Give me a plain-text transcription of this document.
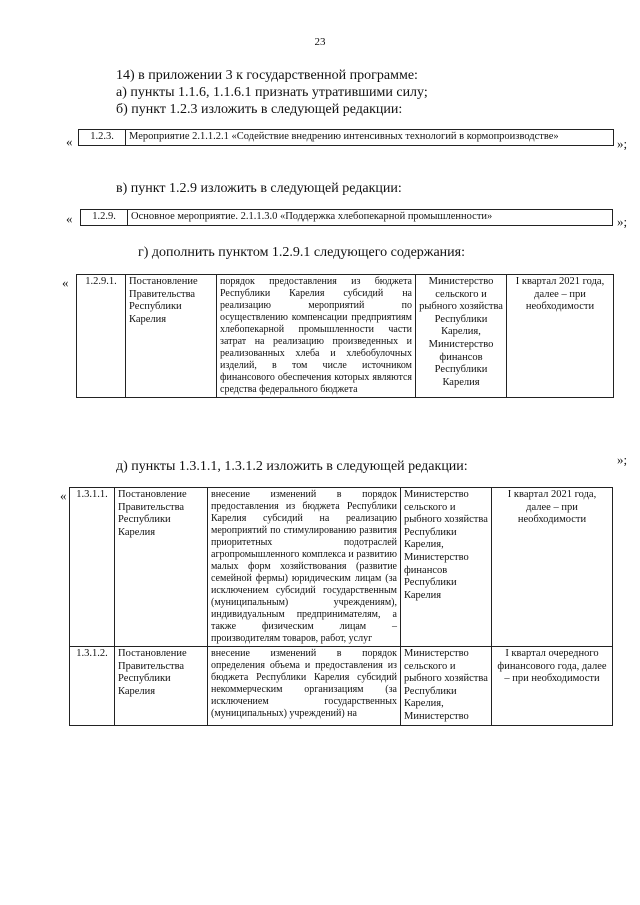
23
14) в приложении 3 к государственной программе:
а) пункты 1.1.6, 1.1.6.1 признать утратившими силу;
б) пункт 1.2.3 изложить в следующей редакции:
« 1.2.3.	Мероприятие 2.1.1.2.1 «Содействие внедрению интенсивных технологий в кормопроизводстве»	»;
в) пункт 1.2.9 изложить в следующей редакции:
« 1.2.9.	Основное мероприятие. 2.1.1.3.0 «Поддержка хлебопекарной промышленности»	»;
г) дополнить пунктом 1.2.9.1 следующего содержания:
« 1.2.9.1.	Постановление Правительства Республики Карелия	порядок предоставления из бюджета Республики Карелия субсидий на реализацию мероприятий по осуществлению компенсации предприятиям хлебопекарной промышленности части затрат на реализацию произведенных и реализованных хлеба и хлебобулочных изделий, в том числе источником финансового обеспечения которых являются средства федерального бюджета	Министерство сельского и рыбного хозяйства Республики Карелия, Министерство финансов Республики Карелия	I квартал 2021 года, далее – при необходимости
»;
д) пункты 1.3.1.1, 1.3.1.2 изложить в следующей редакции:
« 1.3.1.1.	Постановление Правительства Республики Карелия	внесение изменений в порядок предоставления из бюджета Республики Карелия субсидий на реализацию мероприятий по стимулированию развития приоритетных подотраслей агропромышленного комплекса и развитию малых форм хозяйствования (развитие семейной фермы) юридическим лицам (за исключением субсидий государственным (муниципальным) учреждениям), индивидуальным предпринимателям, а также физическим лицам – производителям товаров, работ, услуг	Министерство сельского и рыбного хозяйства Республики Карелия, Министерство финансов Республики Карелия	I квартал 2021 года, далее – при необходимости
1.3.1.2.	Постановление Правительства Республики Карелия	внесение изменений в порядок определения объема и предоставления из бюджета Республики Карелия субсидий некоммерческим организациям (за исключением государственных (муниципальных) учреждений) на	Министерство сельского и рыбного хозяйства Республики Карелия, Министерство	I квартал очередного финансового года, далее – при необходимости
